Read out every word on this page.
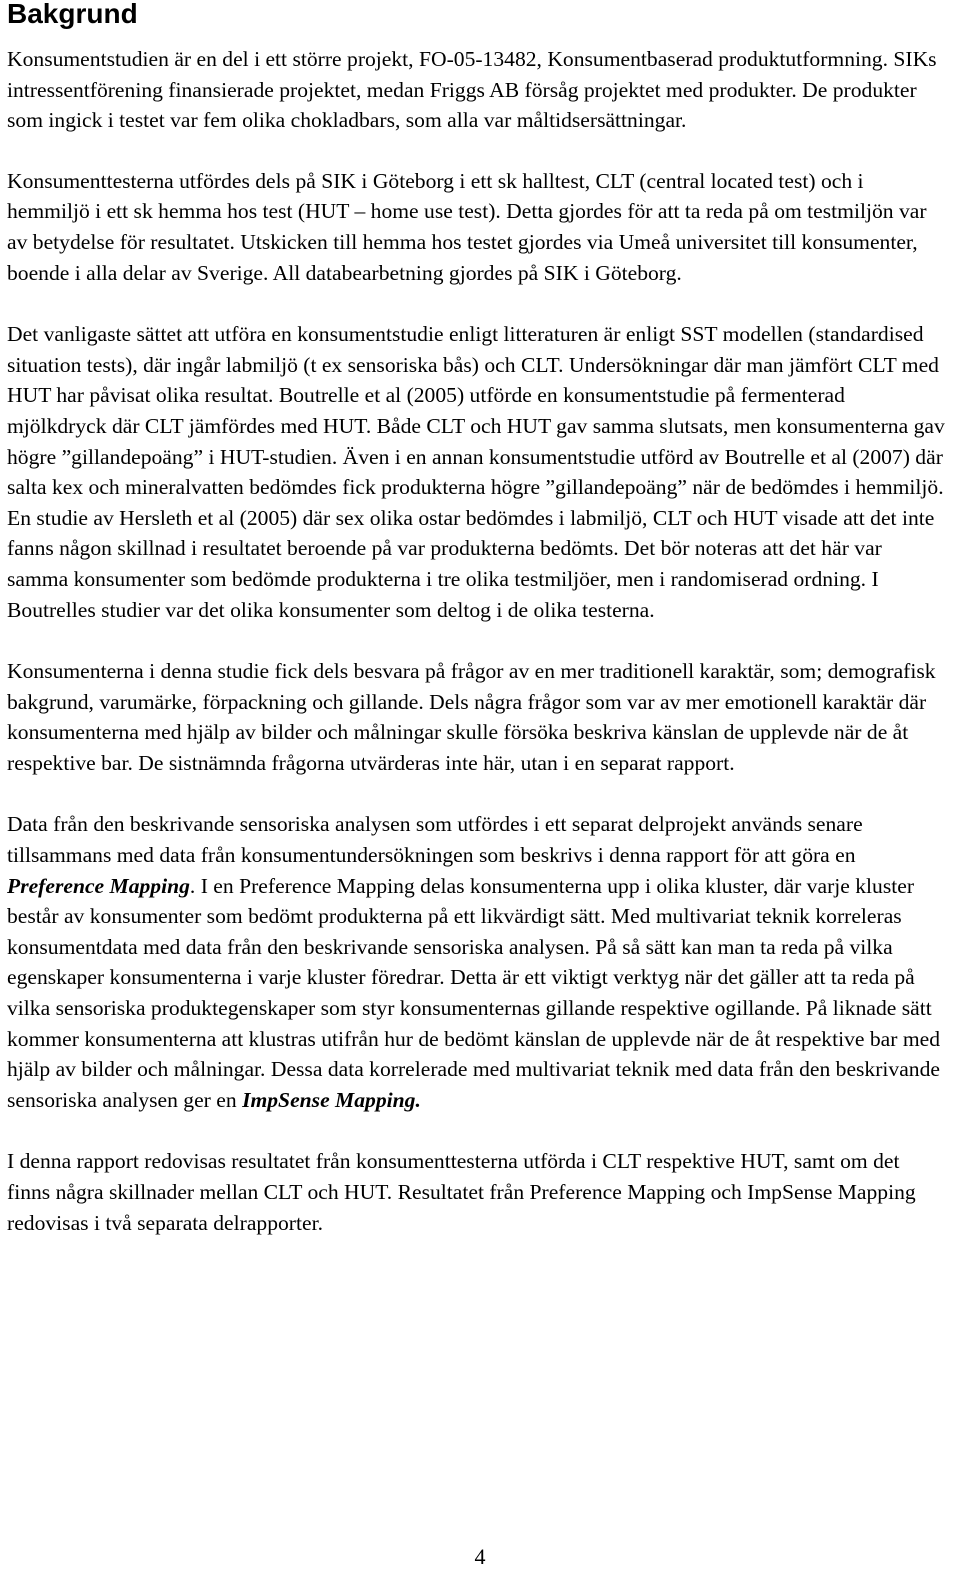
Bakgrund

Konsumentstudien är en del i ett större projekt, FO-05-13482, Konsumentbaserad produktutformning. SIKs intressentförening finansierade projektet, medan Friggs AB försåg projektet med produkter. De produkter som ingick i testet var fem olika chokladbars, som alla var måltidsersättningar.

Konsumenttesterna utfördes dels på SIK i Göteborg i ett sk halltest, CLT (central located test) och i hemmiljö i ett sk hemma hos test (HUT – home use test). Detta gjordes för att ta reda på om testmiljön var av betydelse för resultatet. Utskicken till hemma hos testet gjordes via Umeå universitet till konsumenter, boende i alla delar av Sverige. All databearbetning gjordes på SIK i Göteborg.

Det vanligaste sättet att utföra en konsumentstudie enligt litteraturen är enligt SST modellen (standardised situation tests), där ingår labmiljö (t ex sensoriska bås) och CLT. Undersökningar där man jämfört CLT med HUT har påvisat olika resultat. Boutrelle et al (2005) utförde en konsumentstudie på fermenterad mjölkdryck där CLT jämfördes med HUT. Både CLT och HUT gav samma slutsats, men konsumenterna gav högre ”gillandepoäng” i HUT-studien. Även i en annan konsumentstudie utförd av Boutrelle et al (2007) där salta kex och mineralvatten bedömdes fick produkterna högre ”gillandepoäng” när de bedömdes i hemmiljö. En studie av Hersleth et al (2005) där sex olika ostar bedömdes i labmiljö, CLT och HUT visade att det inte fanns någon skillnad i resultatet beroende på var produkterna bedömts. Det bör noteras att det här var samma konsumenter som bedömde produkterna i tre olika testmiljöer, men i randomiserad ordning. I Boutrelles studier var det olika konsumenter som deltog i de olika testerna.

Konsumenterna i denna studie fick dels besvara på frågor av en mer traditionell karaktär, som; demografisk bakgrund, varumärke, förpackning och gillande. Dels några frågor som var av mer emotionell karaktär där konsumenterna med hjälp av bilder och målningar skulle försöka beskriva känslan de upplevde när de åt respektive bar. De sistnämnda frågorna utvärderas inte här, utan i en separat rapport.

Data från den beskrivande sensoriska analysen som utfördes i ett separat delprojekt används senare tillsammans med data från konsumentundersökningen som beskrivs i denna rapport för att göra en Preference Mapping. I en Preference Mapping delas konsumenterna upp i olika kluster, där varje kluster består av konsumenter som bedömt produkterna på ett likvärdigt sätt. Med multivariat teknik korreleras konsumentdata med data från den beskrivande sensoriska analysen. På så sätt kan man ta reda på vilka egenskaper konsumenterna i varje kluster föredrar. Detta är ett viktigt verktyg när det gäller att ta reda på vilka sensoriska produktegenskaper som styr konsumenternas gillande respektive ogillande. På liknade sätt kommer konsumenterna att klustras utifrån hur de bedömt känslan de upplevde när de åt respektive bar med hjälp av bilder och målningar. Dessa data korrelerade med multivariat teknik med data från den beskrivande sensoriska analysen ger en ImpSense Mapping.

I denna rapport redovisas resultatet från konsumenttesterna utförda i CLT respektive HUT, samt om det finns några skillnader mellan CLT och HUT. Resultatet från Preference Mapping och ImpSense Mapping redovisas i två separata delrapporter.

4
